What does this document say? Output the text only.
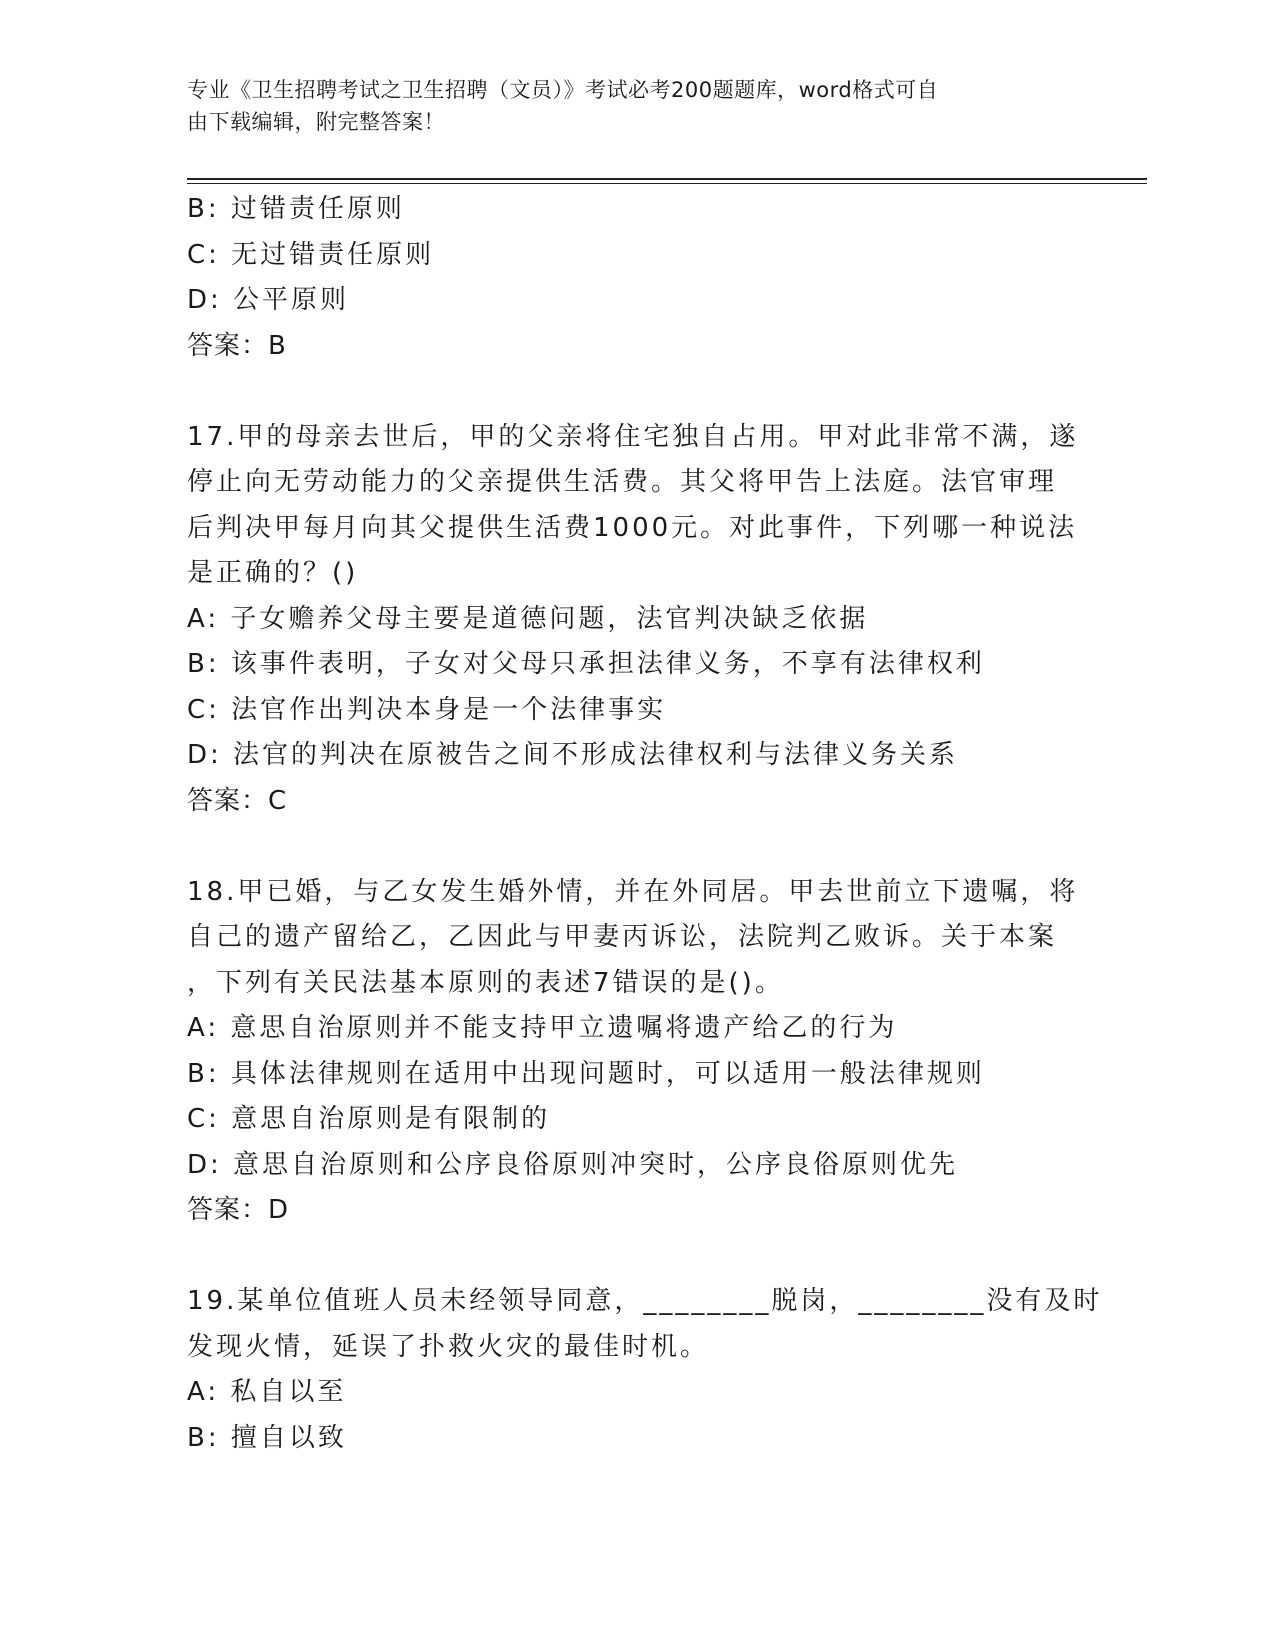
专业《卫生招聘考试之卫生招聘（文员）》考试必考200题题库，word格式可自
由下载编辑，附完整答案！
B: 过错责任原则
C: 无过错责任原则
D: 公平原则
答案：B
17.甲的母亲去世后，甲的父亲将住宅独自占用。甲对此非常不满，遂
停止向无劳动能力的父亲提供生活费。其父将甲告上法庭。法官审理
后判决甲每月向其父提供生活费1000元。对此事件，下列哪一种说法
是正确的？()
A: 子女赡养父母主要是道德问题，法官判决缺乏依据
B: 该事件表明，子女对父母只承担法律义务，不享有法律权利
C: 法官作出判决本身是一个法律事实
D: 法官的判决在原被告之间不形成法律权利与法律义务关系
答案：C
18.甲已婚，与乙女发生婚外情，并在外同居。甲去世前立下遗嘱，将
自己的遗产留给乙，乙因此与甲妻丙诉讼，法院判乙败诉。关于本案
，下列有关民法基本原则的表述7错误的是()。
A: 意思自治原则并不能支持甲立遗嘱将遗产给乙的行为
B: 具体法律规则在适用中出现问题时，可以适用一般法律规则
C: 意思自治原则是有限制的
D: 意思自治原则和公序良俗原则冲突时，公序良俗原则优先
答案：D
19.某单位值班人员未经领导同意，________脱岗，________没有及时
发现火情，延误了扑救火灾的最佳时机。
A: 私自以至
B: 擅自以致
